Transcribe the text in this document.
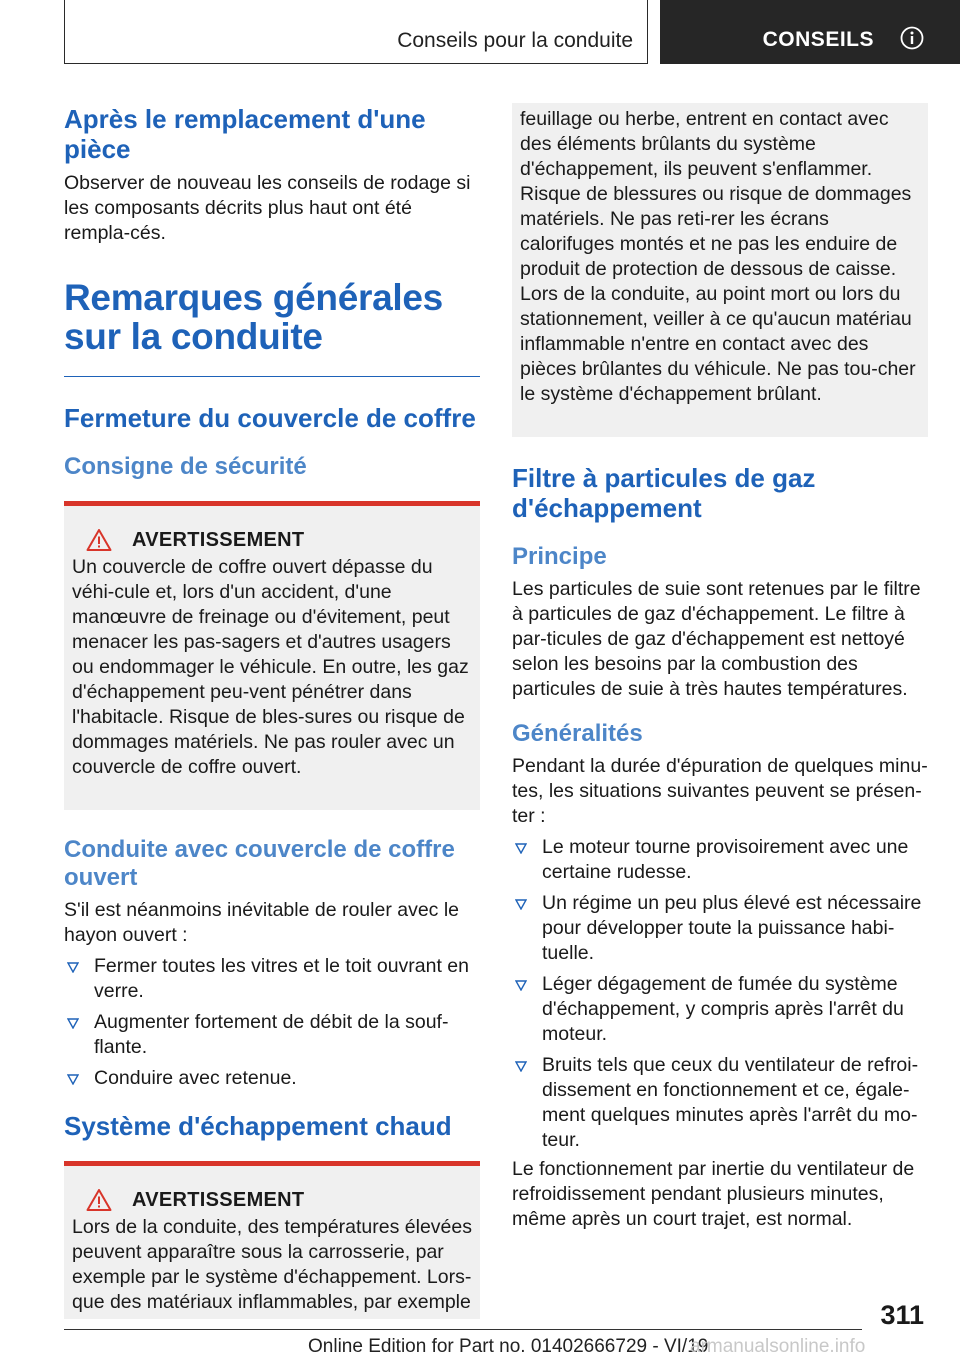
Conseils pour la conduite	CONSEILS
Après le remplacement d'une pièce

Observer de nouveau les conseils de rodage si les composants décrits plus haut ont été rempla-cés.

Remarques générales sur la conduite
Fermeture du couvercle de coffre
Consigne de sécurité
AVERTISSEMENT

Un couvercle de coffre ouvert dépasse du véhi-cule et, lors d'un accident, d'une manœuvre de freinage ou d'évitement, peut menacer les pas-sagers et d'autres usagers ou endommager le véhicule. En outre, les gaz d'échappement peu-vent pénétrer dans l'habitacle. Risque de bles-sures ou risque de dommages matériels. Ne pas rouler avec un couvercle de coffre ouvert.

Conduite avec couvercle de coffre ouvert

S'il est néanmoins inévitable de rouler avec le hayon ouvert :

Fermer toutes les vitres et le toit ouvrant en verre.
Augmenter fortement de débit de la souf-flante.
Conduire avec retenue.
Système d'échappement chaud
AVERTISSEMENT

Lors de la conduite, des températures élevées peuvent apparaître sous la carrosserie, par exemple par le système d'échappement. Lors-que des matériaux inflammables, par exemple

feuillage ou herbe, entrent en contact avec des éléments brûlants du système d'échappement, ils peuvent s'enflammer. Risque de blessures ou risque de dommages matériels. Ne pas reti-rer les écrans calorifuges montés et ne pas les enduire de produit de protection de dessous de caisse. Lors de la conduite, au point mort ou lors du stationnement, veiller à ce qu'aucun matériau inflammable n'entre en contact avec des pièces brûlantes du véhicule. Ne pas tou-cher le système d'échappement brûlant.

Filtre à particules de gaz d'échappement
Principe

Les particules de suie sont retenues par le filtre à particules de gaz d'échappement. Le filtre à par-ticules de gaz d'échappement est nettoyé selon les besoins par la combustion des particules de suie à très hautes températures.

Généralités

Pendant la durée d'épuration de quelques minu-tes, les situations suivantes peuvent se présen-ter :

Le moteur tourne provisoirement avec une certaine rudesse.
Un régime un peu plus élevé est nécessaire pour développer toute la puissance habi-tuelle.
Léger dégagement de fumée du système d'échappement, y compris après l'arrêt du moteur.
Bruits tels que ceux du ventilateur de refroi-dissement en fonctionnement et ce, égale-ment quelques minutes après l'arrêt du mo-teur.

Le fonctionnement par inertie du ventilateur de refroidissement pendant plusieurs minutes, même après un court trajet, est normal.

311
Online Edition for Part no. 01402666729 - VI/19
armanualsonline.info
